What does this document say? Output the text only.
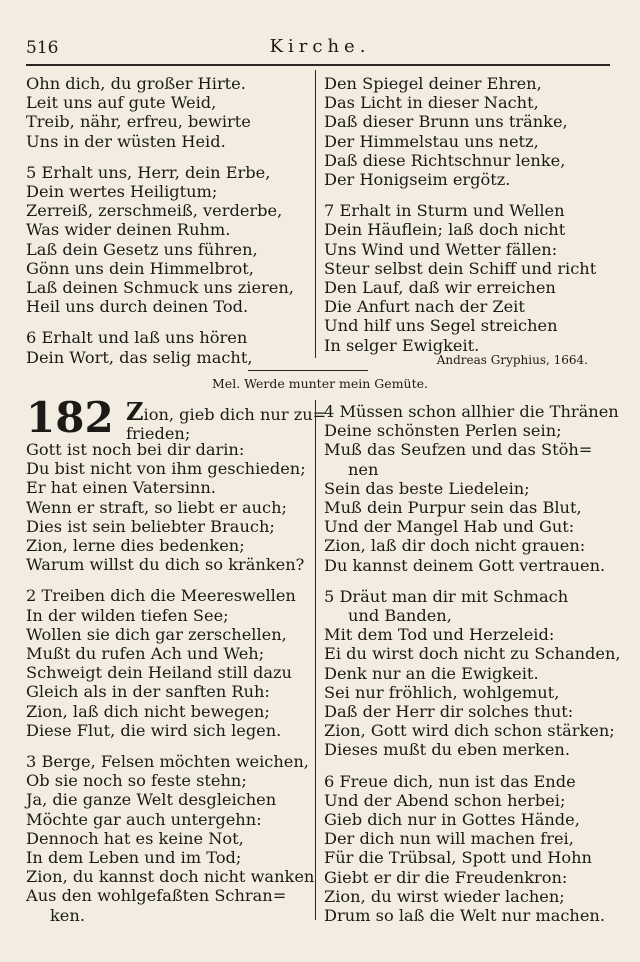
516	Kirche.
Ohn dich, du großer Hirte.
Leit uns auf gute Weid,
Treib, nähr, erfreu, bewirte
Uns in der wüsten Heid.
5 Erhalt uns, Herr, dein Erbe,
Dein wertes Heiligtum;
Zerreiß, zerschmeiß, verderbe,
Was wider deinen Ruhm.
Laß dein Gesetz uns führen,
Gönn uns dein Himmelbrot,
Laß deinen Schmuck uns zieren,
Heil uns durch deinen Tod.
6 Erhalt und laß uns hören
Dein Wort, das selig macht,
Den Spiegel deiner Ehren,
Das Licht in dieser Nacht,
Daß dieser Brunn uns tränke,
Der Himmelstau uns netz,
Daß diese Richtschnur lenke,
Der Honigseim ergötz.
7 Erhalt in Sturm und Wellen
Dein Häuflein; laß doch nicht
Uns Wind und Wetter fällen:
Steur selbst dein Schiff und richt
Den Lauf, daß wir erreichen
Die Anfurt nach der Zeit
Und hilf uns Segel streichen
In selger Ewigkeit.
Andreas Gryphius, 1664.
Mel. Werde munter mein Gemüte.
182 Zion, gieb dich nur zu=
frieden;
Gott ist noch bei dir darin:
Du bist nicht von ihm geschieden;
Er hat einen Vatersinn.
Wenn er straft, so liebt er auch;
Dies ist sein beliebter Brauch;
Zion, lerne dies bedenken;
Warum willst du dich so kränken?
2 Treiben dich die Meereswellen
In der wilden tiefen See;
Wollen sie dich gar zerschellen,
Mußt du rufen Ach und Weh;
Schweigt dein Heiland still dazu
Gleich als in der sanften Ruh:
Zion, laß dich nicht bewegen;
Diese Flut, die wird sich legen.
3 Berge, Felsen möchten weichen,
Ob sie noch so feste stehn;
Ja, die ganze Welt desgleichen
Möchte gar auch untergehn:
Dennoch hat es keine Not,
In dem Leben und im Tod;
Zion, du kannst doch nicht wanken
Aus den wohlgefaßten Schran=
ken.
4 Müssen schon allhier die Thränen
Deine schönsten Perlen sein;
Muß das Seufzen und das Stöh=
nen
Sein das beste Liedelein;
Muß dein Purpur sein das Blut,
Und der Mangel Hab und Gut:
Zion, laß dir doch nicht grauen:
Du kannst deinem Gott vertrauen.
5 Dräut man dir mit Schmach
und Banden,
Mit dem Tod und Herzeleid:
Ei du wirst doch nicht zu Schanden,
Denk nur an die Ewigkeit.
Sei nur fröhlich, wohlgemut,
Daß der Herr dir solches thut:
Zion, Gott wird dich schon stärken;
Dieses mußt du eben merken.
6 Freue dich, nun ist das Ende
Und der Abend schon herbei;
Gieb dich nur in Gottes Hände,
Der dich nun will machen frei,
Für die Trübsal, Spott und Hohn
Giebt er dir die Freudenkron:
Zion, du wirst wieder lachen;
Drum so laß die Welt nur machen.
